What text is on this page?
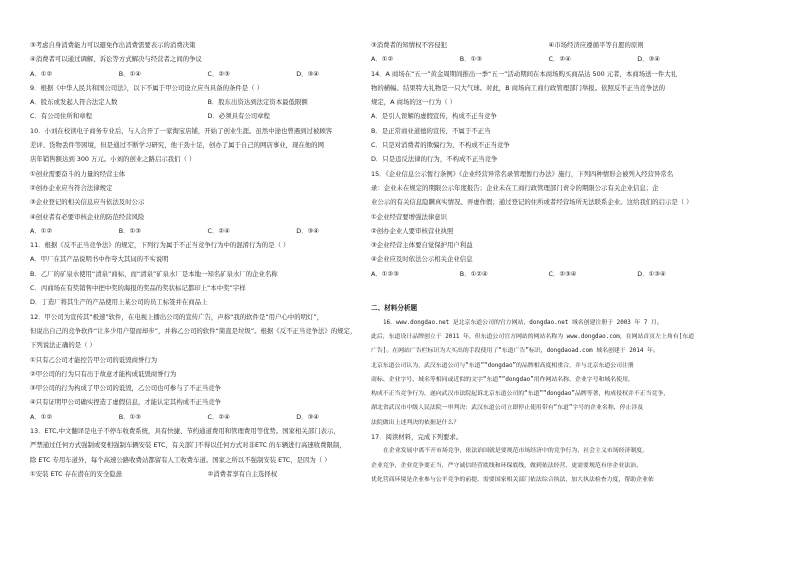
③考虑自身消费能力可以避免作出消费需要表示的消费决策
④消费者可以通过调解、诉讼等方式解决与经营者之间的争议
A．①②	B．①④	C．②③	D．③④
9．根据《中华人民共和国公司法》，以下不属于甲公司设立应当具备的条件是（ ）
A．股东或发起人符合法定人数	B．股东出资达到法定资本最低限额
C．有公司住所和章程	D．必须具有公司章程
10．小刘在校读电子商务专业后，与人合开了一家淘宝店铺，开始了创业生涯。虽然中途也曾遇到过被顾客
差评、货物丢件等困境，但是通过不断学习研究，他干劲十足，创办了属于自己的网店事业，现在他的网
店年销售额达到 300 万元。小刘的创业之路启示我们（ ）
①创业需要奋斗的力量的经营主体
②创办企业应当符合法律规定
③企业登记的相关信息应当依法及时公示
④创业者有必要审核企业的防范经营风险
A．①②	B．①③	C．②④	D．③④
11．根据《反不正当竞争法》的规定，下列行为属于不正当竞争行为中的混淆行为的是（ ）
A．甲厂在其产品说明书中作夸大其词的不实说明
B．乙厂的矿泉水使用“清泉”商标，而“清泉”矿泉水厂是本地一知名矿泉水厂的企业名称
C．丙商场在有奖销售中把中奖的海报的奖品的奖状标记都印上“本中奖”字样
D．丁造厂将其生产的产品使用上某公司的员工标签并在商品上
12．甲公司为宣传其“极速”软件，在电视上播出公司的宣传广告，声称“我的软件是“用户心中的明灯”，
但说出自己的竞争软件“让多少用户望而却步”，并称乙公司的软件“简直是垃圾”。根据《反不正当竞争法》的规定，
下列说法正确的是（ ）
①只有乙公司才能控告甲公司的诋毁商誉行为
②甲公司的行为只有出于故意才能构成诋毁商誉行为
③甲公司的行为构成了甲公司的诋毁，乙公司也可参与了不正当竞争
④只有证明甲公司确实捏造了虚假信息，才能认定其构成不正当竞争
A．①②	B．①③	C．②④	D．③④
13．ETC,中文翻译是电子不停车收费系统，具有快捷、节约通道费用和管理费用等优势。国家相关部门表示，
严禁通过任何方式强制或变相强制车辆安装 ETC，有关部门不得以任何方式对非ETC 的车辆进行高速收费限制，
除 ETC 专用车道外，每个高速公路收费站都留有人工收费车道。国家之所以不强制安装 ETC，是因为（ ）
①安装 ETC 存在潜在的安全隐患	②消费者享有自主选择权
③消费者的知情权不容侵犯	④市场经济应遵循平等自愿的原则
A．①②	B．①③	C．②④	D．③④
14．A 商场在“五一”黄金周期间推出一季“五一”活动期间在本商场购买商品达 500 元者，本商场送一件大礼
物的横幅。结果特大礼物是一只大气球。对此，B 商场向工商行政管理部门举报。依照反不正当竞争法的
规定，A 商场的这一行为（ ）
A．是引人误解的虚假宣传，构成不正当竞争
B．是正常商业道德的宣传，不属于不正当
C．只是对消费者的欺骗行为，不构成不正当竞争
D．只是违反法律的行为，不构成不正当竞争
15．《企业信息公示暂行条例》《企业经营异常名录管理暂行办法》施行，下列四种情形会被列入经营异常名
录：企业未在规定的期限公示年度报告；企业未在工商行政管理部门责令的期限公示有关企业信息；企
业公示的有关信息隐瞒真实情况、弄虚作假；通过登记的住所或者经营场所无法联系企业。这给我们的启示是（ ）
①企业经营要增强法律意识
②创办企业人要审核营业执照
③企业经营主体要自觉保护用户利益
④企业应及时依法公示相关企业信息
A．①②③	B．①②④	C．②③④	D．①③④
二、材料分析题
16．www.dongdao.net 是北京东道公司的官方网站，dongdao.net 域名创建注册于 2003 年 7 月。
此后，东道设计品牌创立于 2011 年，但东道公司官方网站的网站名称为 www.dongdao.com，在网站首页左上角有[东道
广告]。在网站广告栏标识为大买出的手段使用了“东道广告”标识，dongdaoad.com 域名创建于 2014 年。
北京东道公司认为，武汉东道公司与“东道”“dongdao”的品牌相高度相重合，并与北京东道公司注册
商标、企业字号、域名等相同或近似的文字“东道”“dongdao”用作网站名称、企业字号和域名使用，
构成不正当竞争行为，遂向武汉市法院起诉北京东道公司的“东道”“dongdao”品牌等著，构成侵权并不正当竞争，
湖北省武汉市中级人民法院一审判决：武汉东道公司立即停止使用带有“东道”字号的企业名称，停止涉及
法院做出上述判决的依据是什么？
17．阅读材料，完成下列要求。
在企业发展中离不开市场竞争，依法治国就是要规范市场经济中的竞争行为，社会主义市场经济制度，
企业竞争，企业竞争要正当，严守诚信经营底线和环保底线，做到依法经营，更需要规范有序企业法治、
优化营商环境是企业参与公平竞争的前提，需要国家相关部门依法综合执法，加大执法检查力度，帮助企业依
